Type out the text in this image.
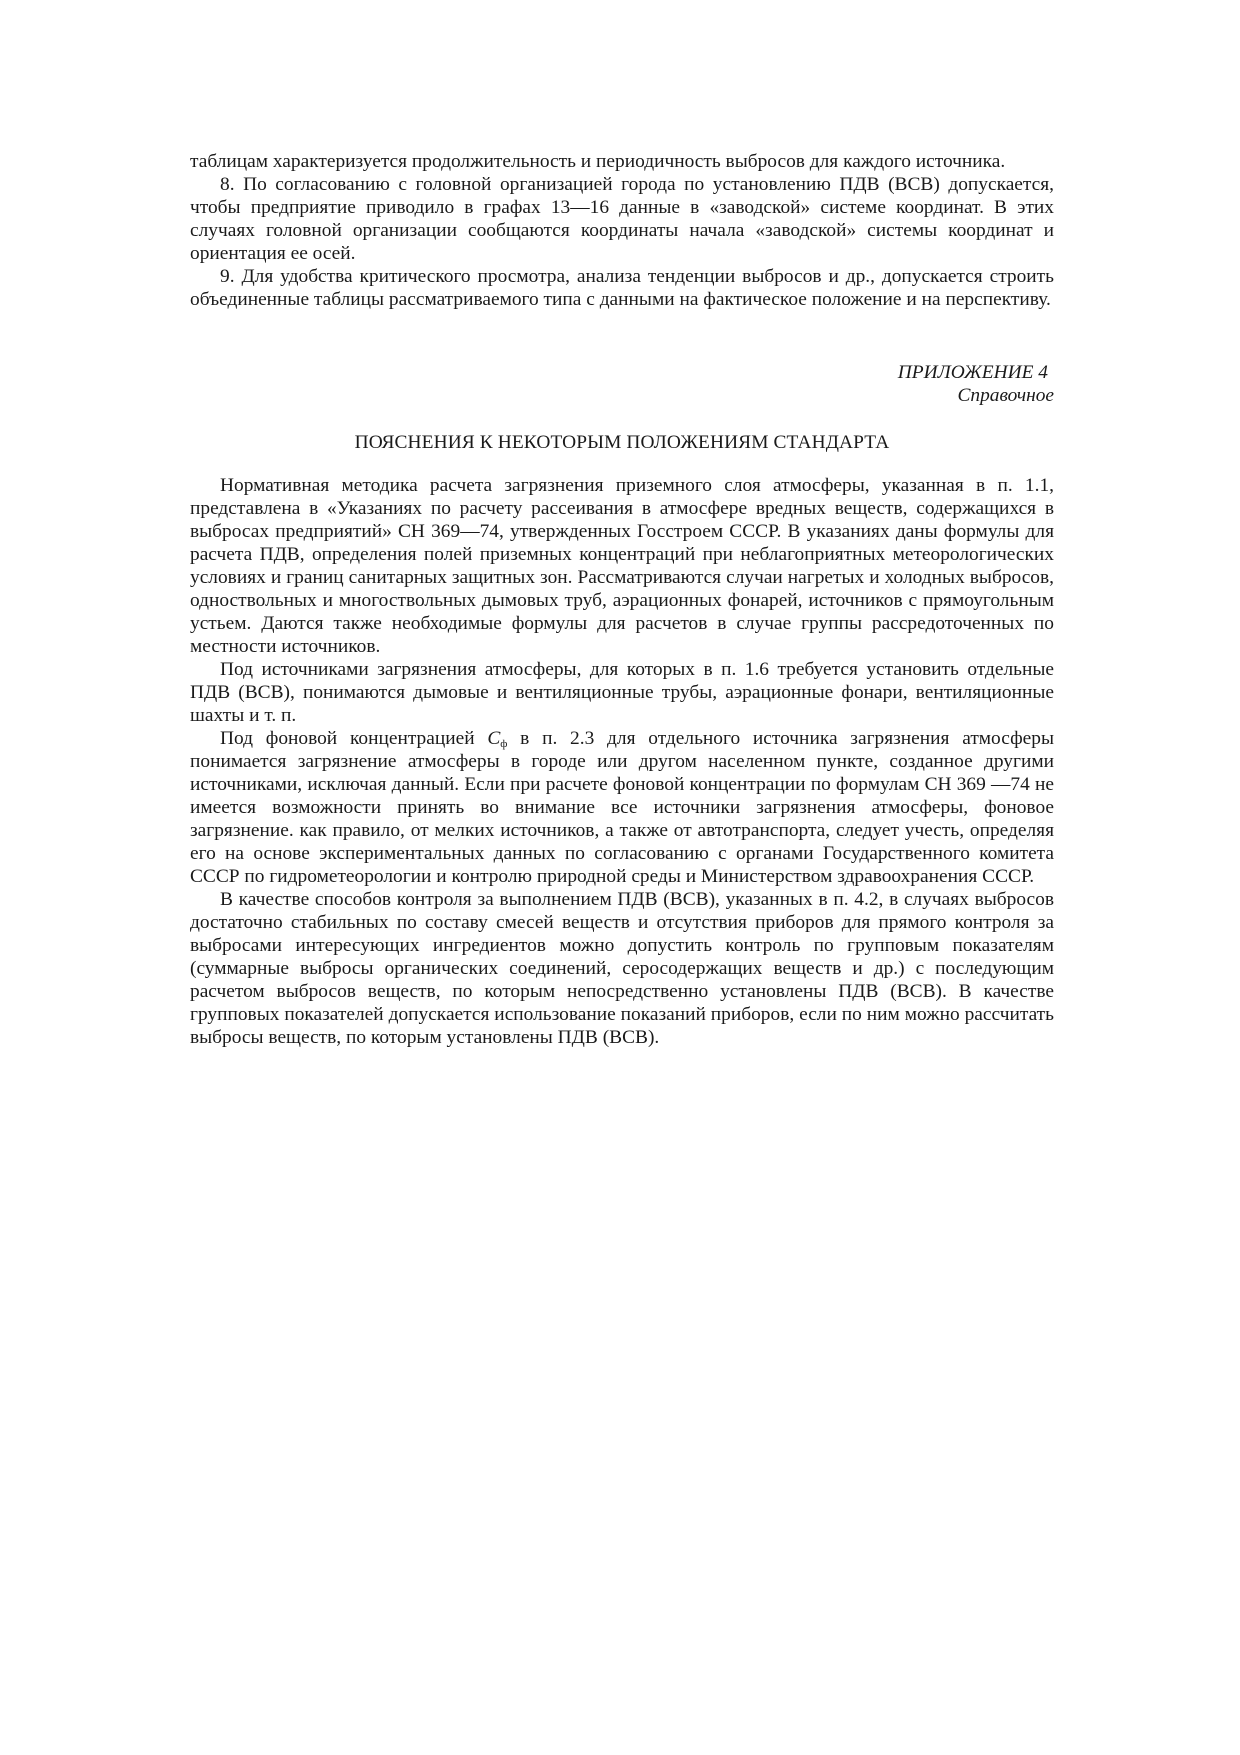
таблицам характеризуется продолжительность и периодичность выбросов для каждого источника.

8. По согласованию с головной организацией города по установлению ПДВ (ВСВ) допускается, чтобы предприятие приводило в графах 13—16 данные в «заводской» системе координат. В этих случаях головной организации сообщаются координаты начала «заводской» системы координат и ориентация ее осей.

9. Для удобства критического просмотра, анализа тенденции выбросов и др., допускается строить объединенные таблицы рассматриваемого типа с данными на фактическое положение и на перспективу.

ПРИЛОЖЕНИЕ 4
Справочное

ПОЯСНЕНИЯ К НЕКОТОРЫМ ПОЛОЖЕНИЯМ СТАНДАРТА

Нормативная методика расчета загрязнения приземного слоя атмосферы, указанная в п. 1.1, представлена в «Указаниях по расчету рассеивания в атмосфере вредных веществ, содержащихся в выбросах предприятий» СН 369—74, утвержденных Госстроем СССР. В указаниях даны формулы для расчета ПДВ, определения полей приземных концентраций при неблагоприятных метеорологических условиях и границ санитарных защитных зон. Рассматриваются случаи нагретых и холодных выбросов, одноствольных и многоствольных дымовых труб, аэрационных фонарей, источников с прямоугольным устьем. Даются также необходимые формулы для расчетов в случае группы рассредоточенных по местности источников.

Под источниками загрязнения атмосферы, для которых в п. 1.6 требуется установить отдельные ПДВ (ВСВ), понимаются дымовые и вентиляционные трубы, аэрационные фонари, вентиляционные шахты и т. п.

Под фоновой концентрацией $С_ф$ в п. 2.3 для отдельного источника загрязнения атмосферы понимается загрязнение атмосферы в городе или другом населенном пункте, созданное другими источниками, исключая данный. Если при расчете фоновой концентрации по формулам СН 369 —74 не имеется возможности принять во внимание все источники загрязнения атмосферы, фоновое загрязнение. как правило, от мелких источников, а также от автотранспорта, следует учесть, определяя его на основе экспериментальных данных по согласованию с органами Государственного комитета СССР по гидрометеорологии и контролю природной среды и Министерством здравоохранения СССР.

В качестве способов контроля за выполнением ПДВ (ВСВ), указанных в п. 4.2, в случаях выбросов достаточно стабильных по составу смесей веществ и отсутствия приборов для прямого контроля за выбросами интересующих ингредиентов можно допустить контроль по групповым показателям (суммарные выбросы органических соединений, серосодержащих веществ и др.) с последующим расчетом выбросов веществ, по которым непосредственно установлены ПДВ (ВСВ). В качестве групповых показателей допускается использование показаний приборов, если по ним можно рассчитать выбросы веществ, по которым установлены ПДВ (ВСВ).
